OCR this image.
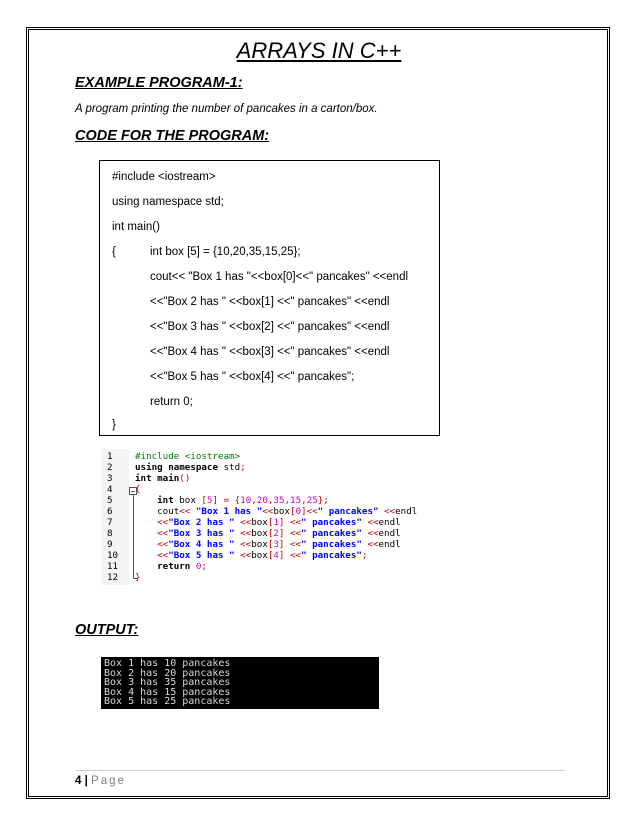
ARRAYS IN C++
EXAMPLE PROGRAM-1:
A program printing the number of pancakes in a carton/box.
CODE FOR THE PROGRAM:
#include <iostream>
using namespace std;
int main()
{	int box [5] = {10,20,35,15,25};
cout<< "Box 1 has "<<box[0]<<" pancakes" <<endl
<<"Box 2 has " <<box[1] <<" pancakes" <<endl
<<"Box 3 has " <<box[2] <<" pancakes" <<endl
<<"Box 4 has " <<box[3] <<" pancakes" <<endl
<<"Box 5 has " <<box[4] <<" pancakes";
return 0;
}
1
2
3
4
5
6
7
8
9
10
11
12
#include <iostream>
using namespace std;
int main()
{
int box [5] = {10,20,35,15,25};
cout<< "Box 1 has "<<box[0]<<" pancakes" <<endl
<<"Box 2 has " <<box[1] <<" pancakes" <<endl
<<"Box 3 has " <<box[2] <<" pancakes" <<endl
<<"Box 4 has " <<box[3] <<" pancakes" <<endl
<<"Box 5 has " <<box[4] <<" pancakes";
return 0;
}
OUTPUT:
Box 1 has 10 pancakes
Box 2 has 20 pancakes
Box 3 has 35 pancakes
Box 4 has 15 pancakes
Box 5 has 25 pancakes
4 | Page
